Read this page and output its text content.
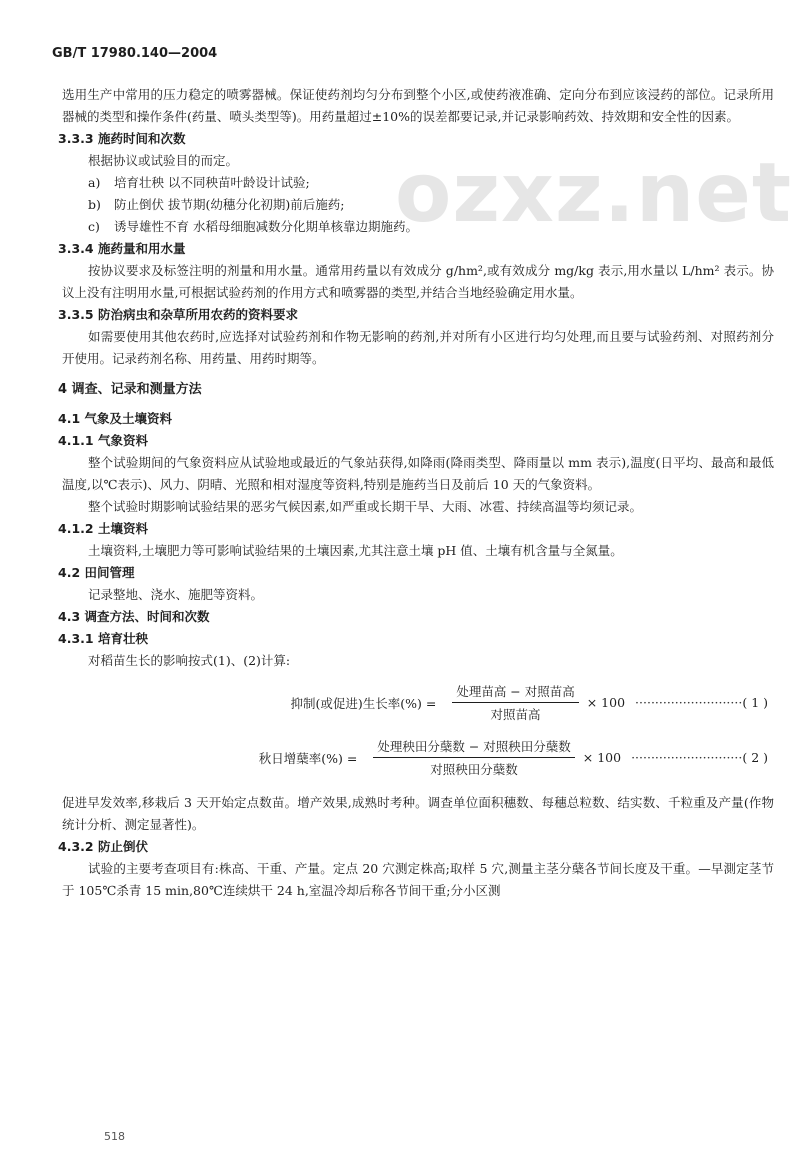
GB/T 17980.140—2004
ozxz.net

选用生产中常用的压力稳定的喷雾器械。保证使药剂均匀分布到整个小区,或使药液准确、定向分布到应该浸药的部位。记录所用器械的类型和操作条件(药量、喷头类型等)。用药量超过±10%的误差都要记录,并记录影响药效、持效期和安全性的因素。

3.3.3 施药时间和次数

根据协议或试验目的而定。

a) 培育壮秧 以不同秧苗叶龄设计试验;
b) 防止倒伏 拔节期(幼穗分化初期)前后施药;
c) 诱导雄性不育 水稻母细胞减数分化期单核靠边期施药。
3.3.4 施药量和用水量

按协议要求及标签注明的剂量和用水量。通常用药量以有效成分 g/hm²,或有效成分 mg/kg 表示,用水量以 L/hm² 表示。协议上没有注明用水量,可根据试验药剂的作用方式和喷雾器的类型,并结合当地经验确定用水量。

3.3.5 防治病虫和杂草所用农药的资料要求

如需要使用其他农药时,应选择对试验药剂和作物无影响的药剂,并对所有小区进行均匀处理,而且要与试验药剂、对照药剂分开使用。记录药剂名称、用药量、用药时期等。

4 调查、记录和测量方法
4.1 气象及土壤资料
4.1.1 气象资料

整个试验期间的气象资料应从试验地或最近的气象站获得,如降雨(降雨类型、降雨量以 mm 表示),温度(日平均、最高和最低温度,以℃表示)、风力、阴晴、光照和相对湿度等资料,特别是施药当日及前后 10 天的气象资料。

整个试验时期影响试验结果的恶劣气候因素,如严重或长期干旱、大雨、冰雹、持续高温等均须记录。

4.1.2 土壤资料

土壤资料,土壤肥力等可影响试验结果的土壤因素,尤其注意土壤 pH 值、土壤有机含量与全氮量。

4.2 田间管理

记录整地、浇水、施肥等资料。

4.3 调查方法、时间和次数
4.3.1 培育壮秧

对稻苗生长的影响按式(1)、(2)计算:

抑制(或促进)生长率(%) = $\frac{\text{处理苗高 − 对照苗高}}{\text{对照苗高}} \times 100$ ··························· ( 1 )
秋日增蘖率(%) = $\frac{\text{处理秧田分蘖数 − 对照秧田分蘖数}}{\text{对照秧田分蘖数}} \times 100$ ···························· ( 2 )

促进早发效率,移栽后 3 天开始定点数苗。增产效果,成熟时考种。调查单位面积穗数、每穗总粒数、结实数、千粒重及产量(作物统计分析、测定显著性)。

4.3.2 防止倒伏

试验的主要考查项目有:株高、干重、产量。定点 20 穴测定株高;取样 5 穴,测量主茎分蘖各节间长度及干重。—早測定茎节于 105℃杀青 15 min,80℃连续烘干 24 h,室温冷却后称各节间干重;分小区测

518
